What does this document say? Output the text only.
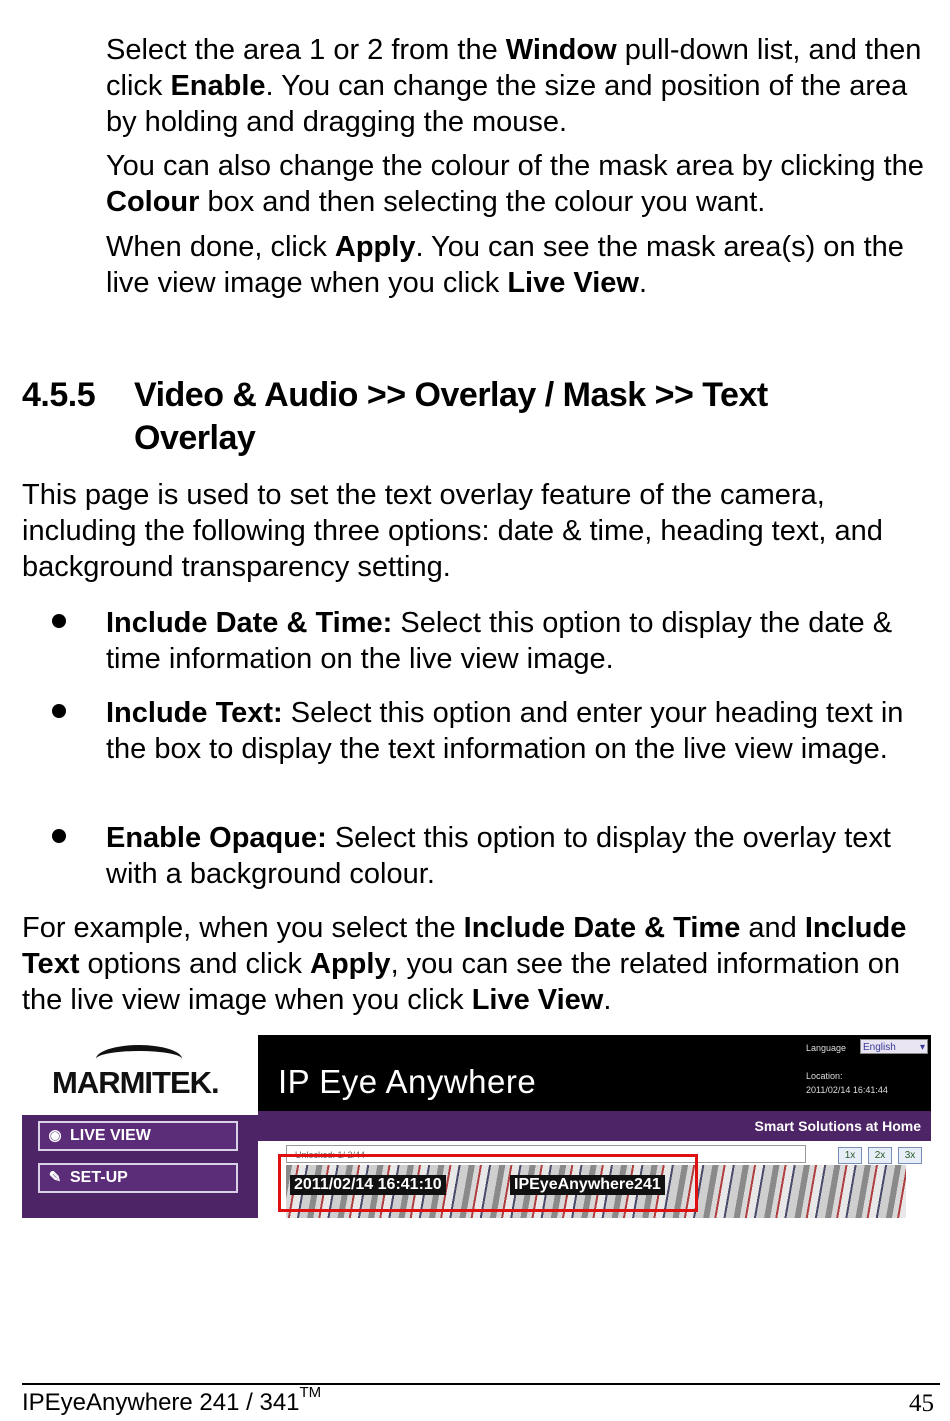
Select the area 1 or 2 from the Window pull-down list, and then click Enable. You can change the size and position of the area by holding and dragging the mouse.

You can also change the colour of the mask area by clicking the Colour box and then selecting the colour you want.

When done, click Apply. You can see the mask area(s) on the live view image when you click Live View.

4.5.5 Video & Audio >> Overlay / Mask >> Text Overlay

This page is used to set the text overlay feature of the camera, including the following three options: date & time, heading text, and background transparency setting.

Include Date & Time: Select this option to display the date & time information on the live view image.

Include Text: Select this option and enter your heading text in the box to display the text information on the live view image.

Enable Opaque: Select this option to display the overlay text with a background colour.

For example, when you select the Include Date & Time and Include Text options and click Apply, you can see the related information on the live view image when you click Live View.

MARMITEK.
◉ LIVE VIEW
✎ SET-UP
IP Eye Anywhere
Language	English ▾
Location:
2011/02/14 16:41:44
Smart Solutions at Home
Unlocked: 1/ 2/44	1x	2x	3x
2011/02/14 16:41:10	IPEyeAnywhere241
IPEyeAnywhere 241 / 341™	45
